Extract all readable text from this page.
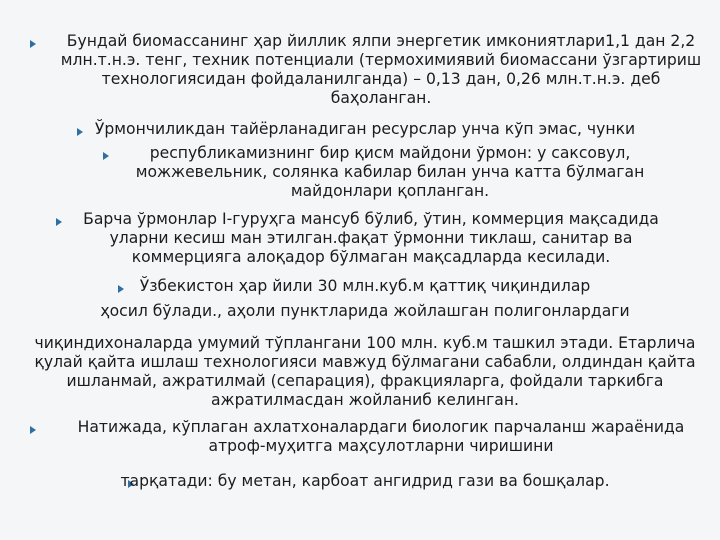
Бундай биомассанинг ҳар йиллик ялпи энергетик имкониятлари1,1 дан 2,2 млн.т.н.э. тенг, техник потенциали (термохимиявий биомассани ўзгартириш технологиясидан фойдаланилганда) – 0,13 дан, 0,26 млн.т.н.э. деб баҳоланган.

Ўрмончиликдан тайёрланадиган ресурслар унча кўп эмас, чунки

республикамизнинг бир қисм майдони ўрмон: у саксовул, можжевельник, солянка кабилар билан унча катта бўлмаган майдонлари қопланган.

Барча ўрмонлар I-гуруҳга мансуб бўлиб, ўтин, коммерция мақсадида уларни кесиш ман этилган.фақат ўрмонни тиклаш, санитар ва коммерцияга алоқадор бўлмаган мақсадларда кесилади.

Ўзбекистон ҳар йили 30 млн.куб.м қаттиқ чиқиндилар

ҳосил бўлади., аҳоли пунктларида жойлашган полигонлардаги

чиқиндихоналарда умумий тўплангани 100 млн. куб.м ташкил этади. Етарлича қулай қайта ишлаш технологияси мавжуд бўлмагани сабабли, олдиндан қайта ишланмай, ажратилмай (сепарация), фракцияларга, фойдали таркибга ажратилмасдан жойланиб келинган.

Натижада, кўплаган ахлатхоналардаги биологик парчаланш жараёнида атроф-муҳитга маҳсулотларни чиришини

тарқатади: бу метан, карбоат ангидрид гази ва бошқалар.
